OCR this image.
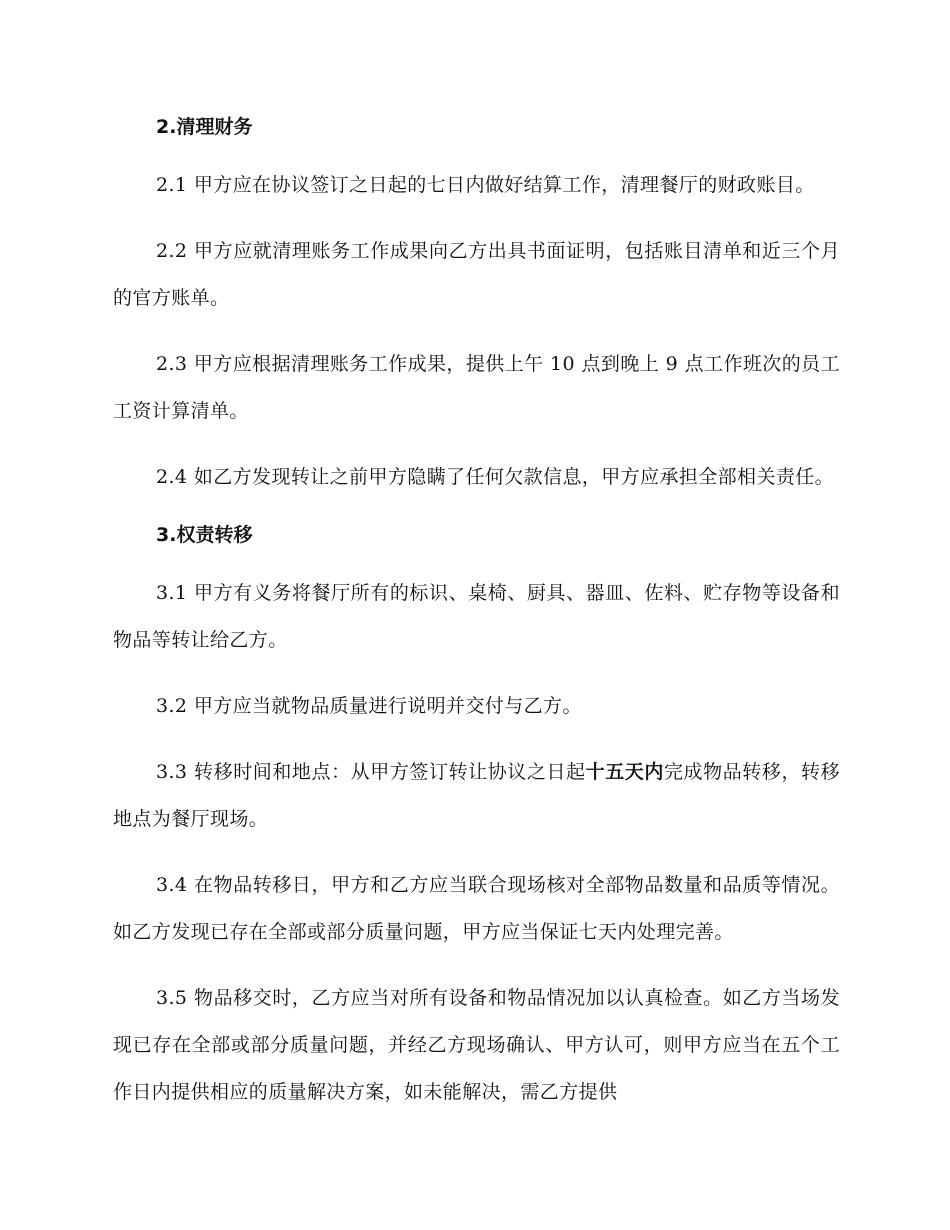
2.清理财务

2.1 甲方应在协议签订之日起的七日内做好结算工作，清理餐厅的财政账目。

2.2 甲方应就清理账务工作成果向乙方出具书面证明，包括账目清单和近三个月的官方账单。

2.3 甲方应根据清理账务工作成果，提供上午 10 点到晚上 9 点工作班次的员工工资计算清单。

2.4 如乙方发现转让之前甲方隐瞒了任何欠款信息，甲方应承担全部相关责任。

3.权责转移

3.1 甲方有义务将餐厅所有的标识、桌椅、厨具、器皿、佐料、贮存物等设备和物品等转让给乙方。

3.2 甲方应当就物品质量进行说明并交付与乙方。

3.3 转移时间和地点：从甲方签订转让协议之日起十五天内完成物品转移，转移地点为餐厅现场。

3.4 在物品转移日，甲方和乙方应当联合现场核对全部物品数量和品质等情况。如乙方发现已存在全部或部分质量问题，甲方应当保证七天内处理完善。

3.5 物品移交时，乙方应当对所有设备和物品情况加以认真检查。如乙方当场发现已存在全部或部分质量问题，并经乙方现场确认、甲方认可，则甲方应当在五个工作日内提供相应的质量解决方案，如未能解决，需乙方提供
